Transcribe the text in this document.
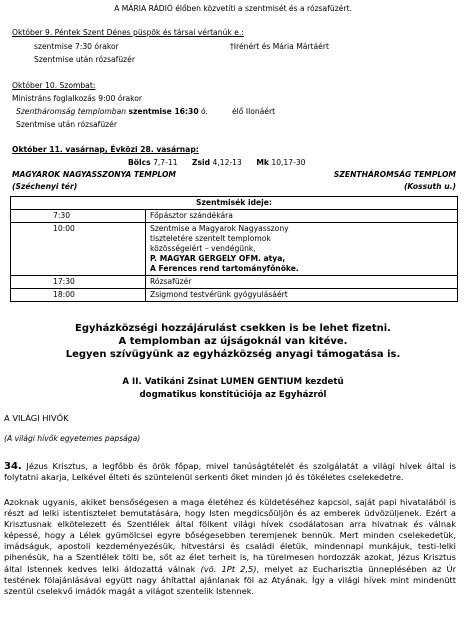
A MÁRIA RÁDIÓ élőben közvetíti a szentmisét és a rózsafüzért.
Október 9. Péntek Szent Dénes püspök és társai vértanúk e.:
szentmise 7:30 órakor	†Irénért és Mária Mártáért
Szentmise után rózsafüzér
Október 10. Szombat:
Ministráns foglalkozás 9:00 órakor
Szentháromság templomban szentmise 16:30 ó.	élő Ilonáért
Szentmise után rózsafüzér
Október 11. vasárnap, Évközi 28. vasárnap:
Bölcs 7,7-11 Zsid 4,12-13 Mk 10,17-30
MAGYAROK NAGYASSZONYA TEMPLOM
(Széchenyi tér)
SZENTHÁROMSÁG TEMPLOM
(Kossuth u.)
Szentmisék ideje:	
7:30	Főpásztor szándékára

10:00	Szentmise a Magyarok Nagyasszony
tiszteletére szentelt templomok
közösségeiért – vendégünk,
P. MAGYAR GERGELY OFM. atya,
A Ferences rend tartományfőnöke.

17:30	Rózsafüzér

18:00	Zsigmond testvérünk gyógyulásáért
Egyházközségi hozzájárulást csekken is be lehet fizetni.
A templomban az újságoknál van kitéve.
Legyen szívügyünk az egyházközség anyagi támogatása is.
A II. Vatikáni Zsinat LUMEN GENTIUM kezdetű
dogmatikus konstitúciója az Egyházról
A VILÁGI HIVŐK
(A világi hívők egyetemes papsága)
34. Jézus Krisztus, a legfőbb és örök főpap, mivel tanúságtételét és szolgálatát a világi hívek által is folytatni akarja, Lelkével élteti és szüntelenül serkenti őket minden jó és tökéletes cselekedetre.
Azoknak ugyanis, akiket bensőségesen a maga életéhez és küldetéséhez kapcsol, saját papi hivatalából is részt ad lelki istentisztelet bemutatására, hogy Isten megdicsőüljön és az emberek üdvözüljenek. Ezért a Krisztusnak elkötelezett és Szentlélek által fölkent világi hívek csodálatosan arra hivatnak és válnak képessé, hogy a Lélek gyümölcsei egyre bőségesebben teremjenek bennük. Mert minden cselekedetük, imádságuk, apostoli kezdeményezésük, hitvestársi és családi életük, mindennapi munkájuk, testi-lelki pihenésük, ha a Szentlélek tölti be, sőt az élet terheit is, ha türelmesen hordozzák azokat, Jézus Krisztus által Istennek kedves lelki áldozattá válnak (vö. 1Pt 2,5), melyet az Eucharisztia ünneplésében az Úr testének fölajánlásával együtt nagy áhítattal ajánlanak föl az Atyának. Így a világi hívek mint mindenütt szentül cselekvő imádók magát a világot szentelik Istennek.
